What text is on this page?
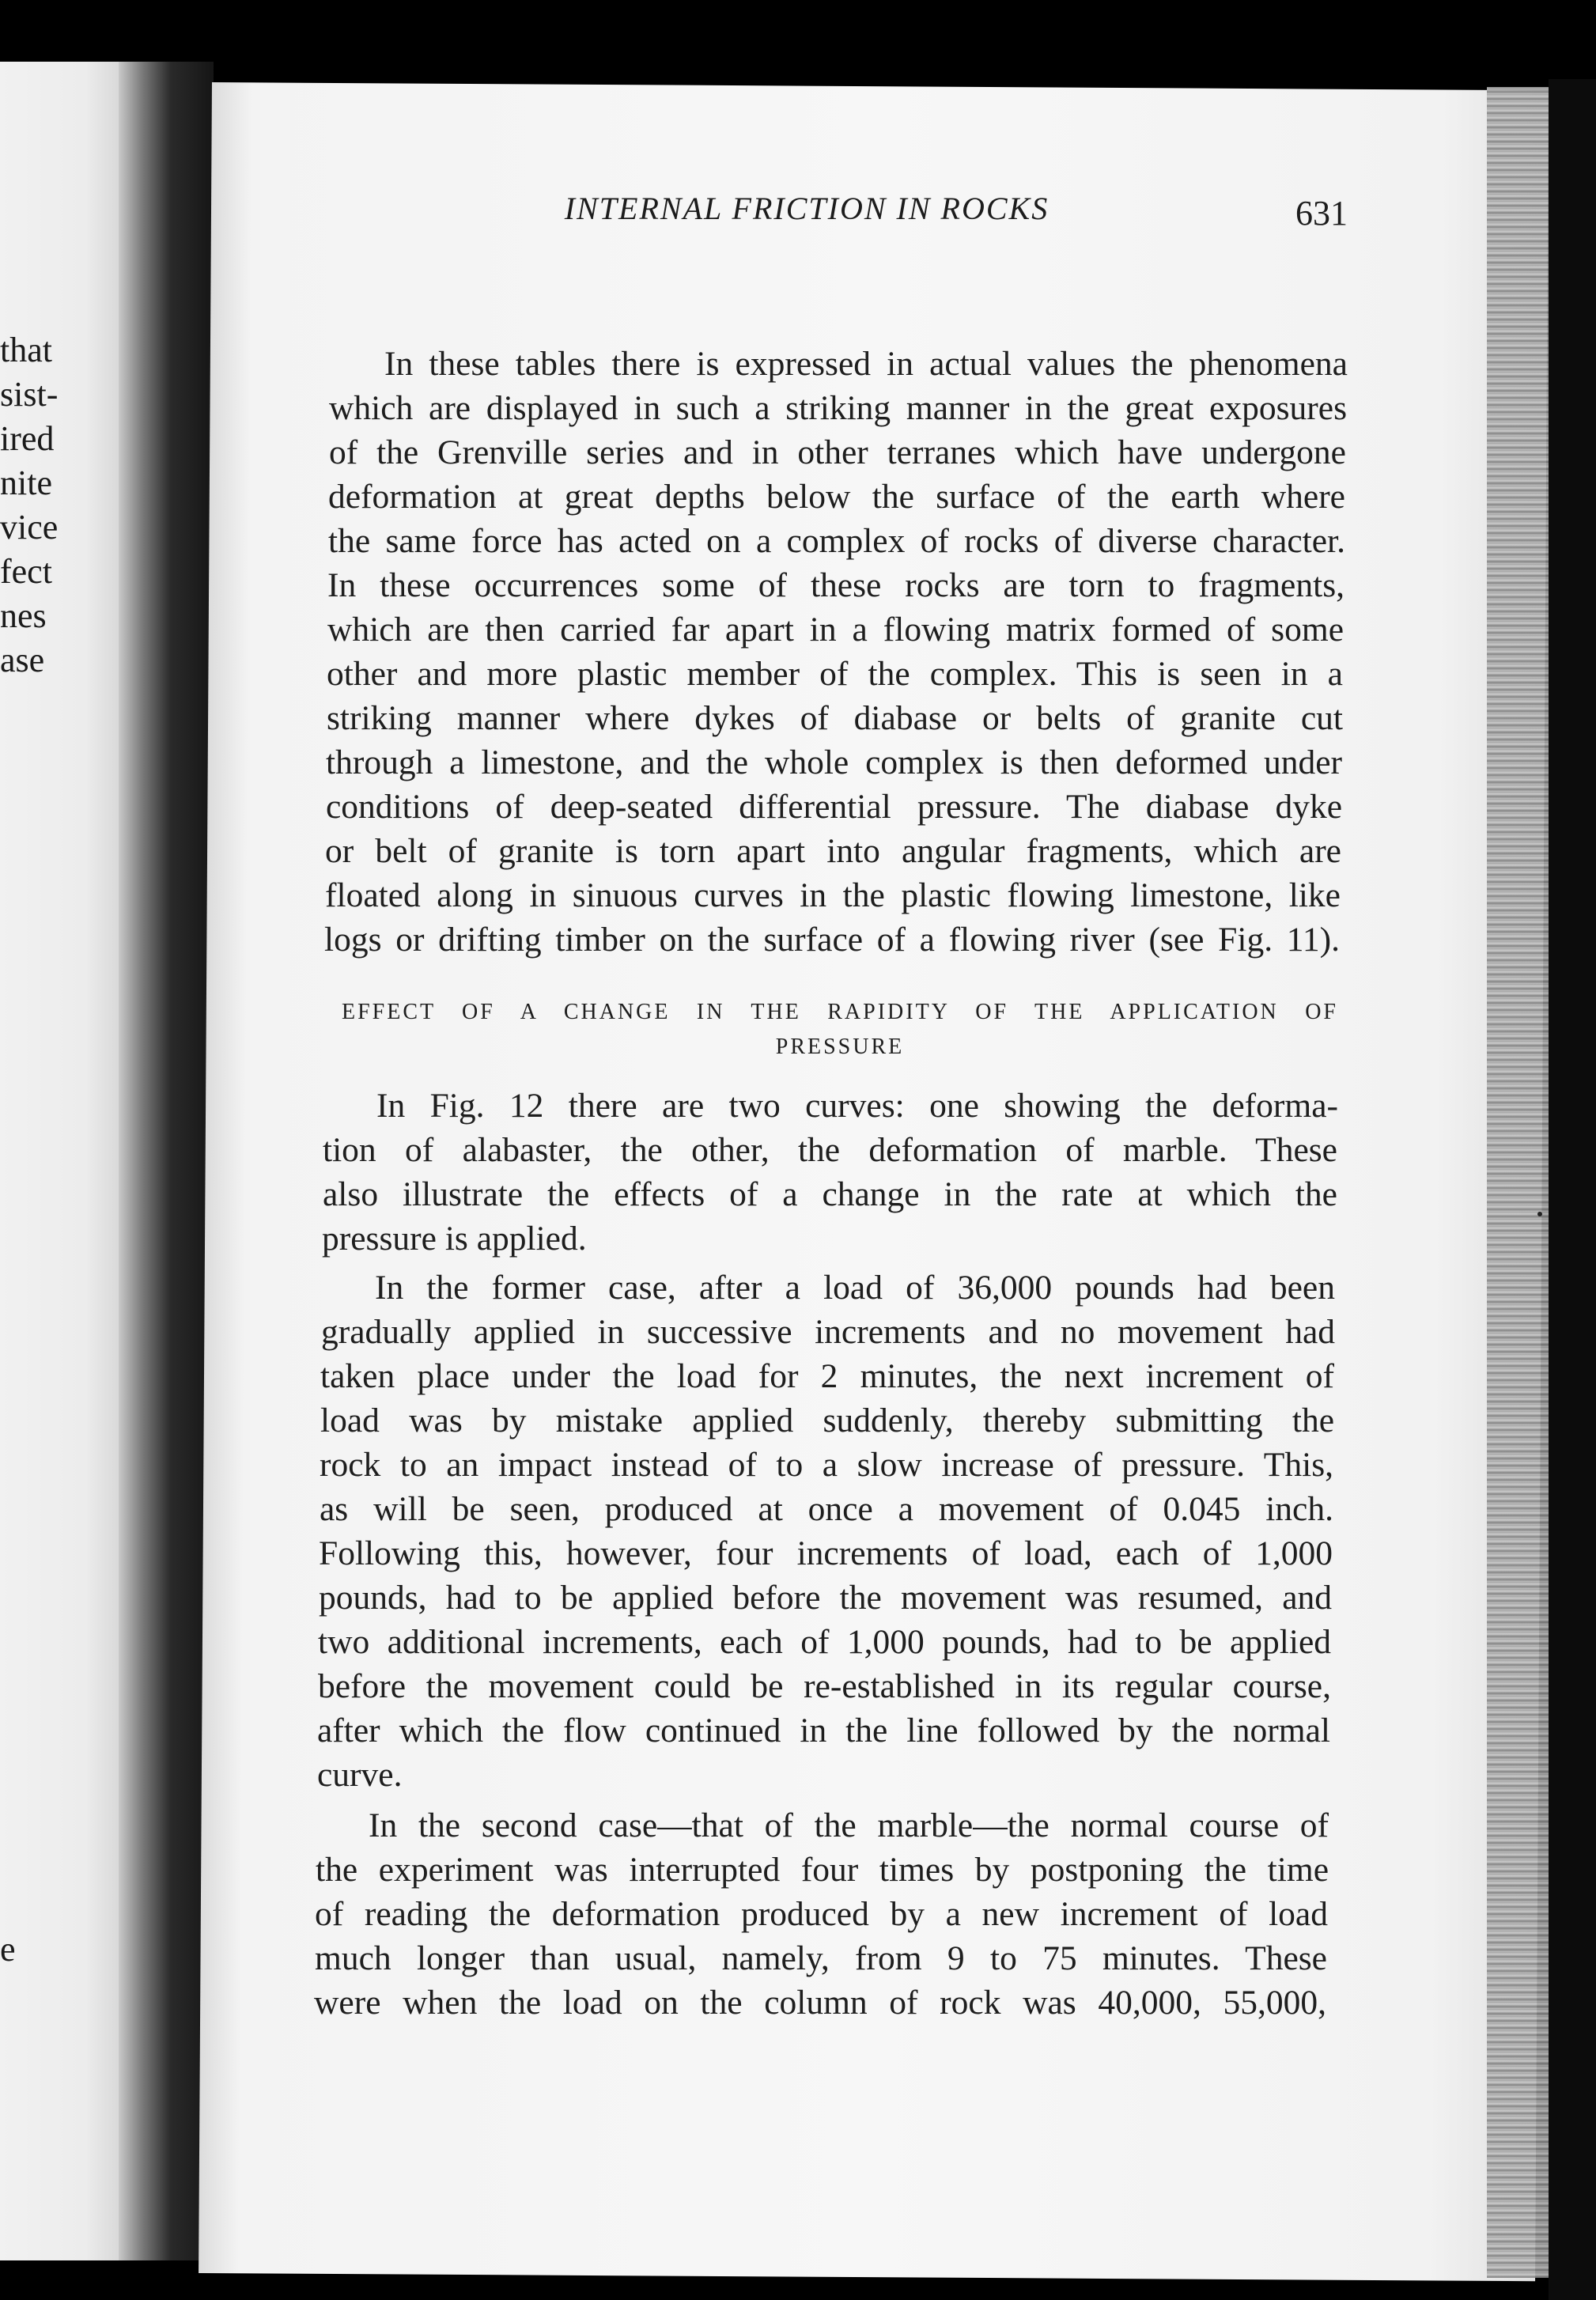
that
sist-
ired
nite
vice
fect
nes
ase
e
INTERNAL FRICTION IN ROCKS	631
In these tables there is expressed in actual values the phenomena
which are displayed in such a striking manner in the great exposures
of the Grenville series and in other terranes which have undergone
deformation at great depths below the surface of the earth where
the same force has acted on a complex of rocks of diverse character.
In these occurrences some of these rocks are torn to fragments,
which are then carried far apart in a flowing matrix formed of some
other and more plastic member of the complex. This is seen in a
striking manner where dykes of diabase or belts of granite cut
through a limestone, and the whole complex is then deformed under
conditions of deep-seated differential pressure. The diabase dyke
or belt of granite is torn apart into angular fragments, which are
floated along in sinuous curves in the plastic flowing limestone, like
logs or drifting timber on the surface of a flowing river (see Fig. 11).
EFFECT OF A CHANGE IN THE RAPIDITY OF THE APPLICATION OF
PRESSURE
In Fig. 12 there are two curves: one showing the deforma-
tion of alabaster, the other, the deformation of marble. These
also illustrate the effects of a change in the rate at which the
pressure is applied.
In the former case, after a load of 36,000 pounds had been
gradually applied in successive increments and no movement had
taken place under the load for 2 minutes, the next increment of
load was by mistake applied suddenly, thereby submitting the
rock to an impact instead of to a slow increase of pressure. This,
as will be seen, produced at once a movement of 0.045 inch.
Following this, however, four increments of load, each of 1,000
pounds, had to be applied before the movement was resumed, and
two additional increments, each of 1,000 pounds, had to be applied
before the movement could be re-established in its regular course,
after which the flow continued in the line followed by the normal
curve.
In the second case—that of the marble—the normal course of
the experiment was interrupted four times by postponing the time
of reading the deformation produced by a new increment of load
much longer than usual, namely, from 9 to 75 minutes. These
were when the load on the column of rock was 40,000, 55,000,
